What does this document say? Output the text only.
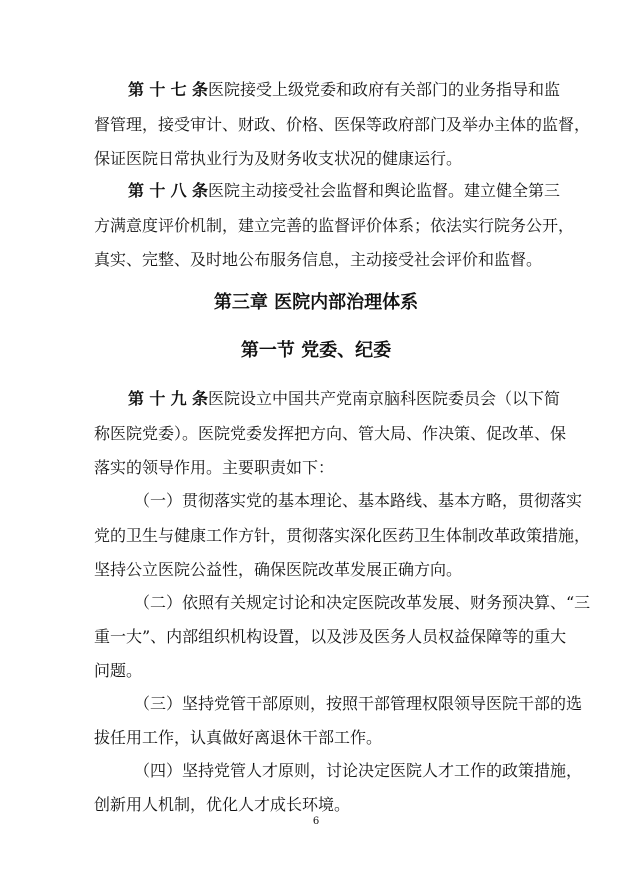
第十七条医院接受上级党委和政府有关部门的业务指导和监
督管理，接受审计、财政、价格、医保等政府部门及举办主体的监督，
保证医院日常执业行为及财务收支状况的健康运行。
第十八条医院主动接受社会监督和舆论监督。建立健全第三
方满意度评价机制，建立完善的监督评价体系；依法实行院务公开，
真实、完整、及时地公布服务信息，主动接受社会评价和监督。
第三章 医院内部治理体系
第一节 党委、纪委
第十九条医院设立中国共产党南京脑科医院委员会（以下简
称医院党委）。医院党委发挥把方向、管大局、作决策、促改革、保
落实的领导作用。主要职责如下：
（一）贯彻落实党的基本理论、基本路线、基本方略，贯彻落实
党的卫生与健康工作方针，贯彻落实深化医药卫生体制改革政策措施，
坚持公立医院公益性，确保医院改革发展正确方向。
（二）依照有关规定讨论和决定医院改革发展、财务预决算、“三
重一大”、内部组织机构设置，以及涉及医务人员权益保障等的重大
问题。
（三）坚持党管干部原则，按照干部管理权限领导医院干部的选
拔任用工作，认真做好离退休干部工作。
（四）坚持党管人才原则，讨论决定医院人才工作的政策措施，
创新用人机制，优化人才成长环境。
6
